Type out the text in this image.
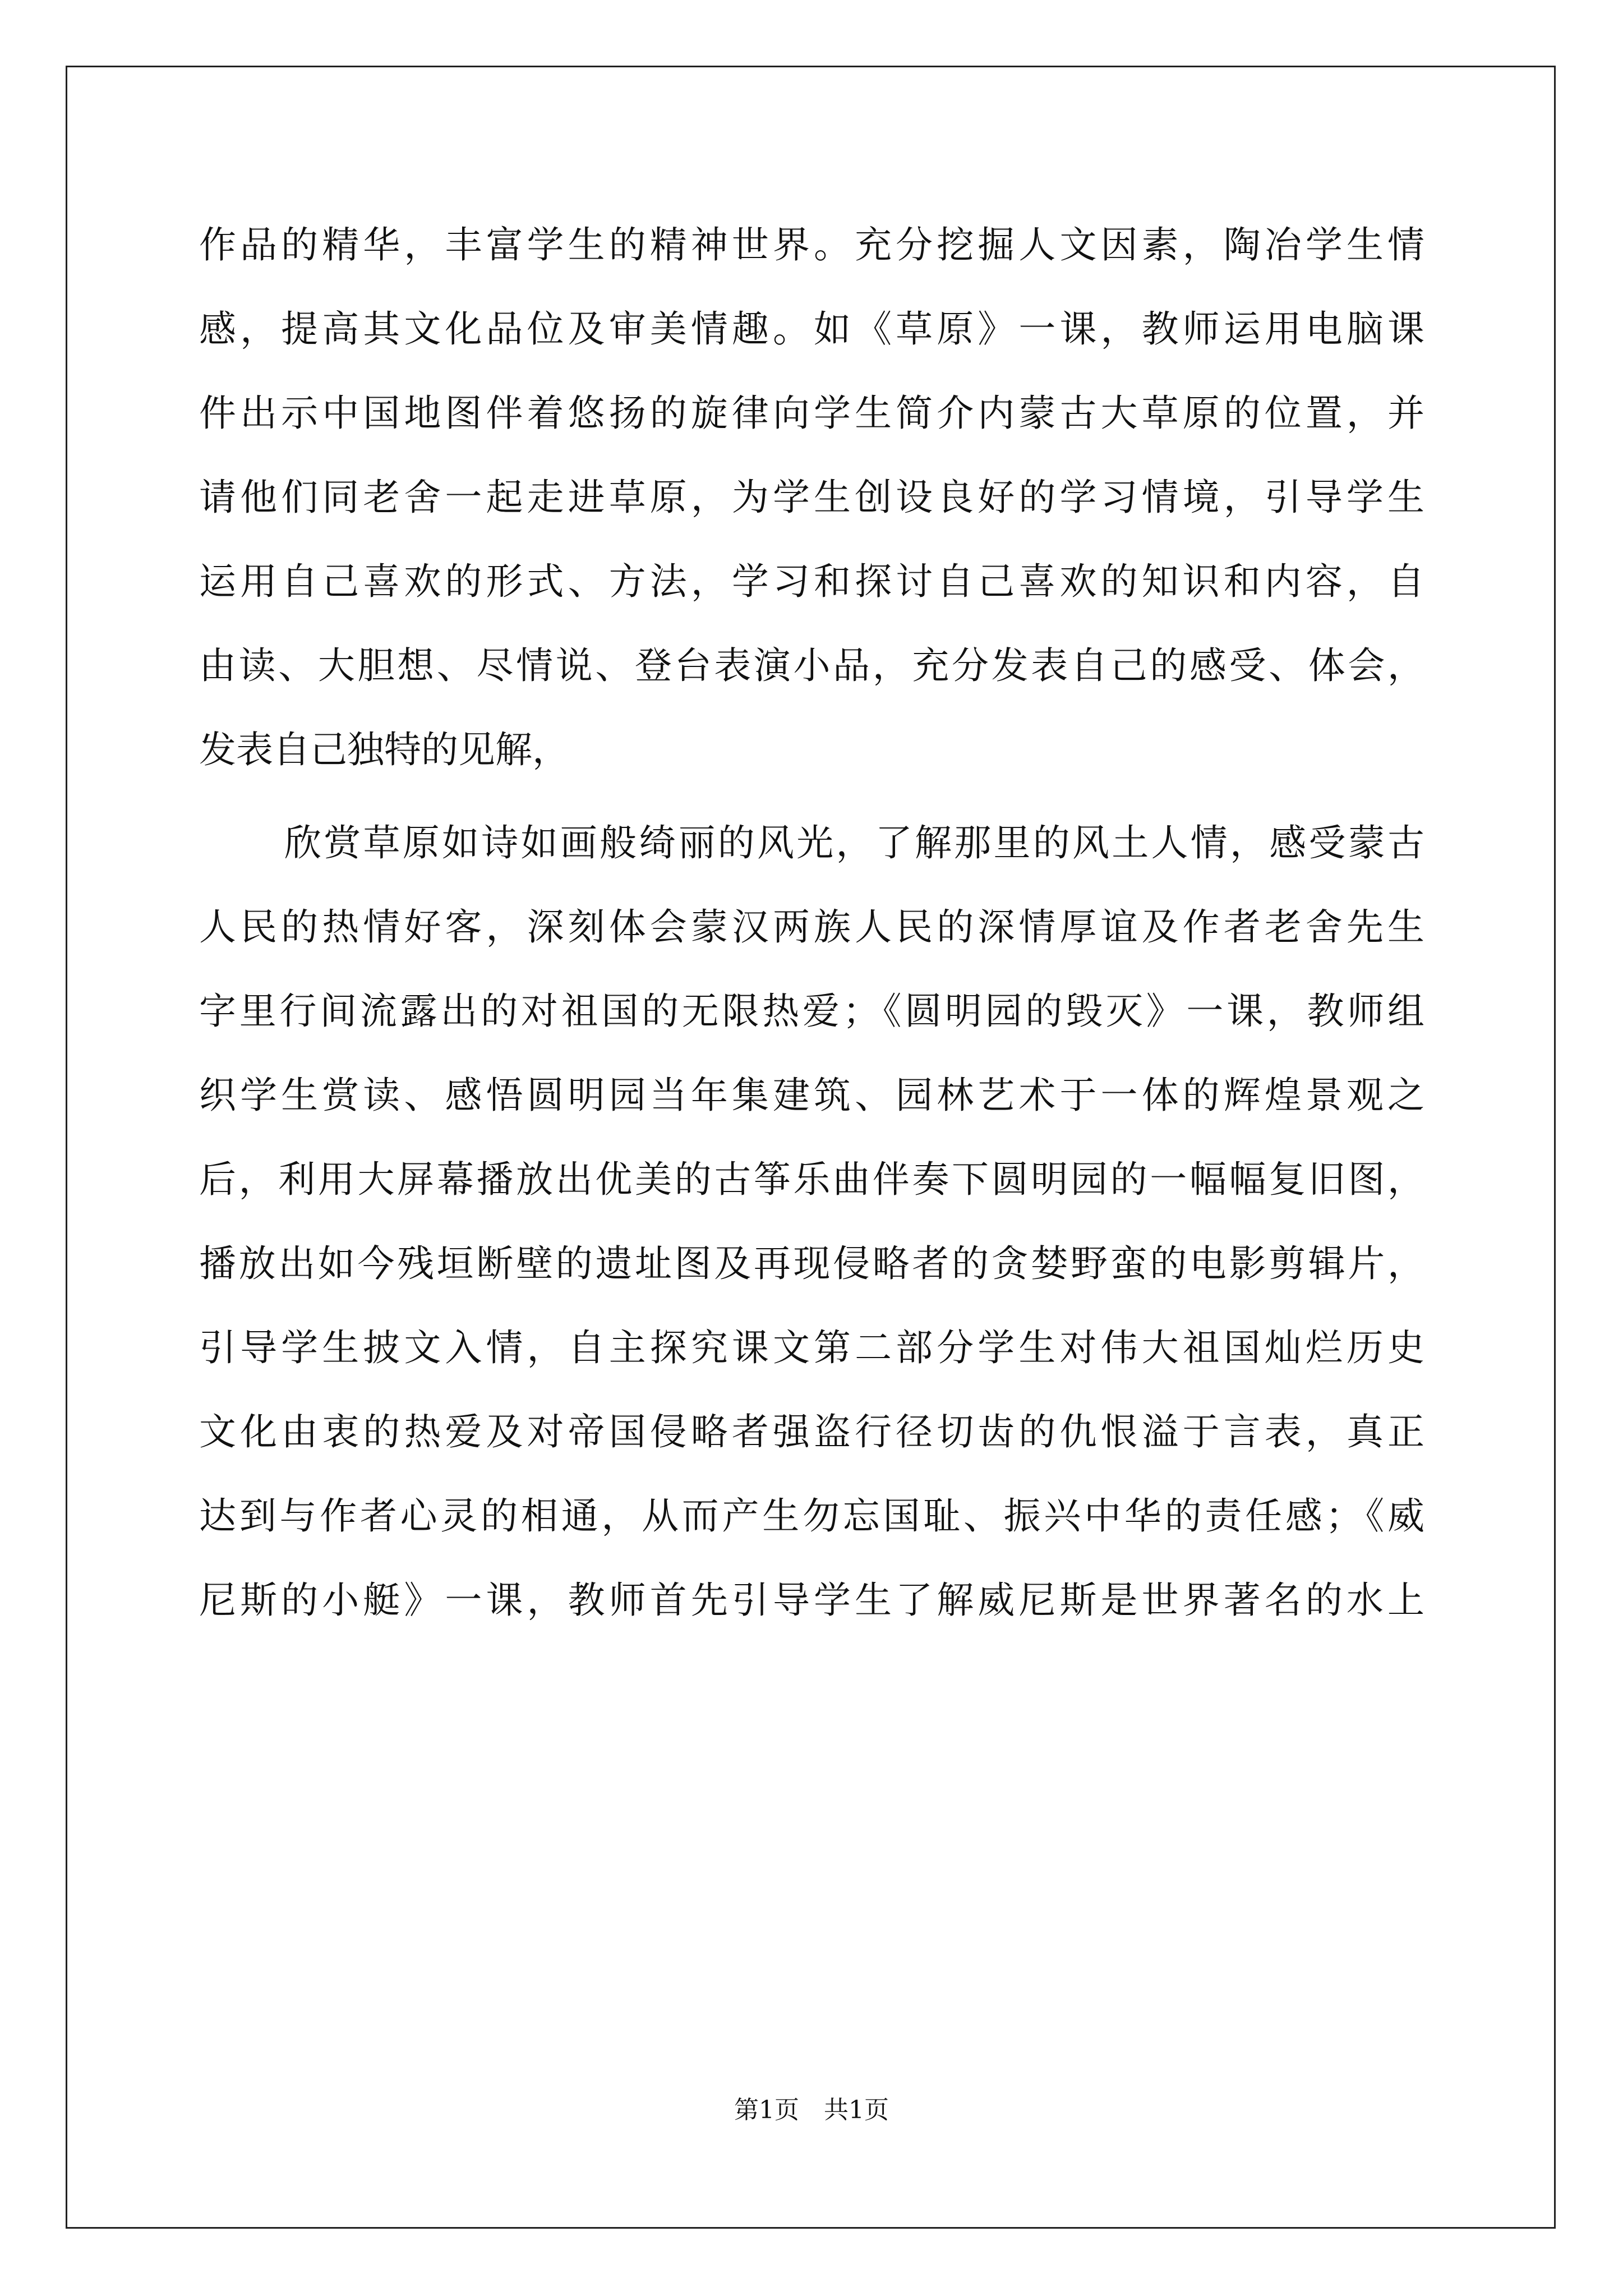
作品的精华，丰富学生的精神世界。充分挖掘人文因素，陶冶学生情
感，提高其文化品位及审美情趣。如《草原》一课，教师运用电脑课
件出示中国地图伴着悠扬的旋律向学生简介内蒙古大草原的位置，并
请他们同老舍一起走进草原，为学生创设良好的学习情境，引导学生
运用自己喜欢的形式、方法，学习和探讨自己喜欢的知识和内容，自
由读、大胆想、尽情说、登台表演小品，充分发表自己的感受、体会，
发表自己独特的见解，
欣赏草原如诗如画般绮丽的风光，了解那里的风土人情，感受蒙古
人民的热情好客，深刻体会蒙汉两族人民的深情厚谊及作者老舍先生
字里行间流露出的对祖国的无限热爱；《圆明园的毁灭》一课，教师组
织学生赏读、感悟圆明园当年集建筑、园林艺术于一体的辉煌景观之
后，利用大屏幕播放出优美的古筝乐曲伴奏下圆明园的一幅幅复旧图，
播放出如今残垣断壁的遗址图及再现侵略者的贪婪野蛮的电影剪辑片，
引导学生披文入情，自主探究课文第二部分学生对伟大祖国灿烂历史
文化由衷的热爱及对帝国侵略者强盗行径切齿的仇恨溢于言表，真正
达到与作者心灵的相通，从而产生勿忘国耻、振兴中华的责任感；《威
尼斯的小艇》一课，教师首先引导学生了解威尼斯是世界著名的水上
第1页　共1页
